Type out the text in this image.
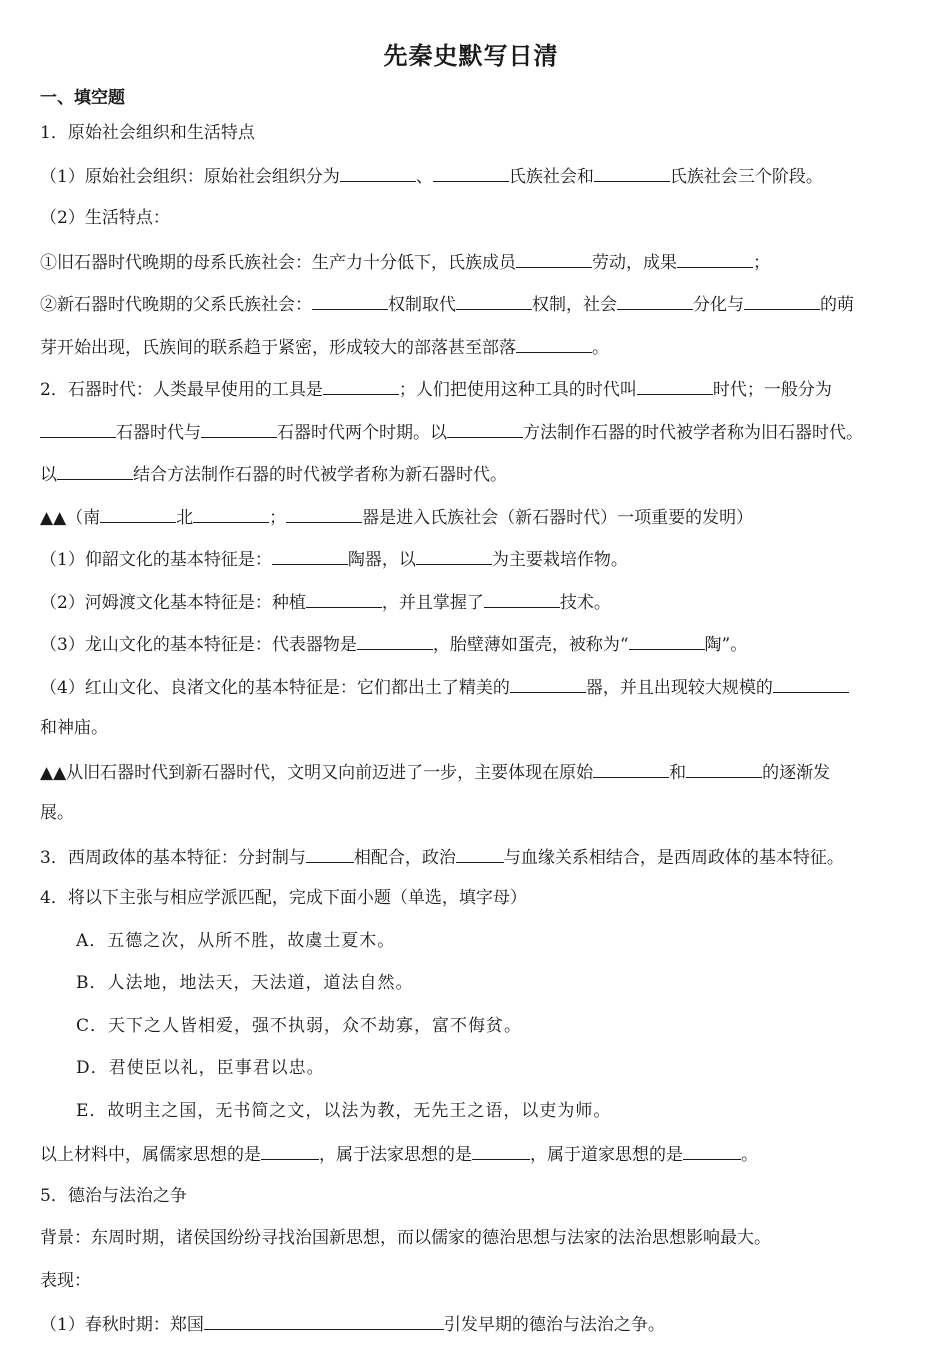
先秦史默写日清
一、填空题
1．原始社会组织和生活特点
（1）原始社会组织：原始社会组织分为	、	氏族社会和	氏族社会三个阶段。
（2）生活特点：
①旧石器时代晚期的母系氏族社会：生产力十分低下，氏族成员	劳动，成果	；
②新石器时代晚期的父系氏族社会：	权制取代	权制，社会	分化与	的萌
芽开始出现，氏族间的联系趋于紧密，形成较大的部落甚至部落	。
2．石器时代：人类最早使用的工具是	；人们把使用这种工具的时代叫	时代；一般分为
石器时代与	石器时代两个时期。以	方法制作石器的时代被学者称为旧石器时代。
以	结合方法制作石器的时代被学者称为新石器时代。
▲▲（南	北	；	器是进入氏族社会（新石器时代）一项重要的发明）
（1）仰韶文化的基本特征是：	陶器，以	为主要栽培作物。
（2）河姆渡文化基本特征是：种植	，并且掌握了	技术。
（3）龙山文化的基本特征是：代表器物是	，胎壁薄如蛋壳，被称为“	陶”。
（4）红山文化、良渚文化的基本特征是：它们都出土了精美的	器，并且出现较大规模的
和神庙。
▲▲从旧石器时代到新石器时代，文明又向前迈进了一步，主要体现在原始	和	的逐渐发
展。
3．西周政体的基本特征：分封制与	相配合，政治	与血缘关系相结合，是西周政体的基本特征。
4．将以下主张与相应学派匹配，完成下面小题（单选，填字母）
A．五德之次，从所不胜，故虞土夏木。
B．人法地，地法天，天法道，道法自然。
C．天下之人皆相爱，强不执弱，众不劫寡，富不侮贫。
D．君使臣以礼，臣事君以忠。
E．故明主之国，无书简之文，以法为教，无先王之语，以吏为师。
以上材料中，属儒家思想的是	，属于法家思想的是	，属于道家思想的是	。
5．德治与法治之争
背景：东周时期，诸侯国纷纷寻找治国新思想，而以儒家的德治思想与法家的法治思想影响最大。
表现：
（1）春秋时期：郑国	引发早期的德治与法治之争。
